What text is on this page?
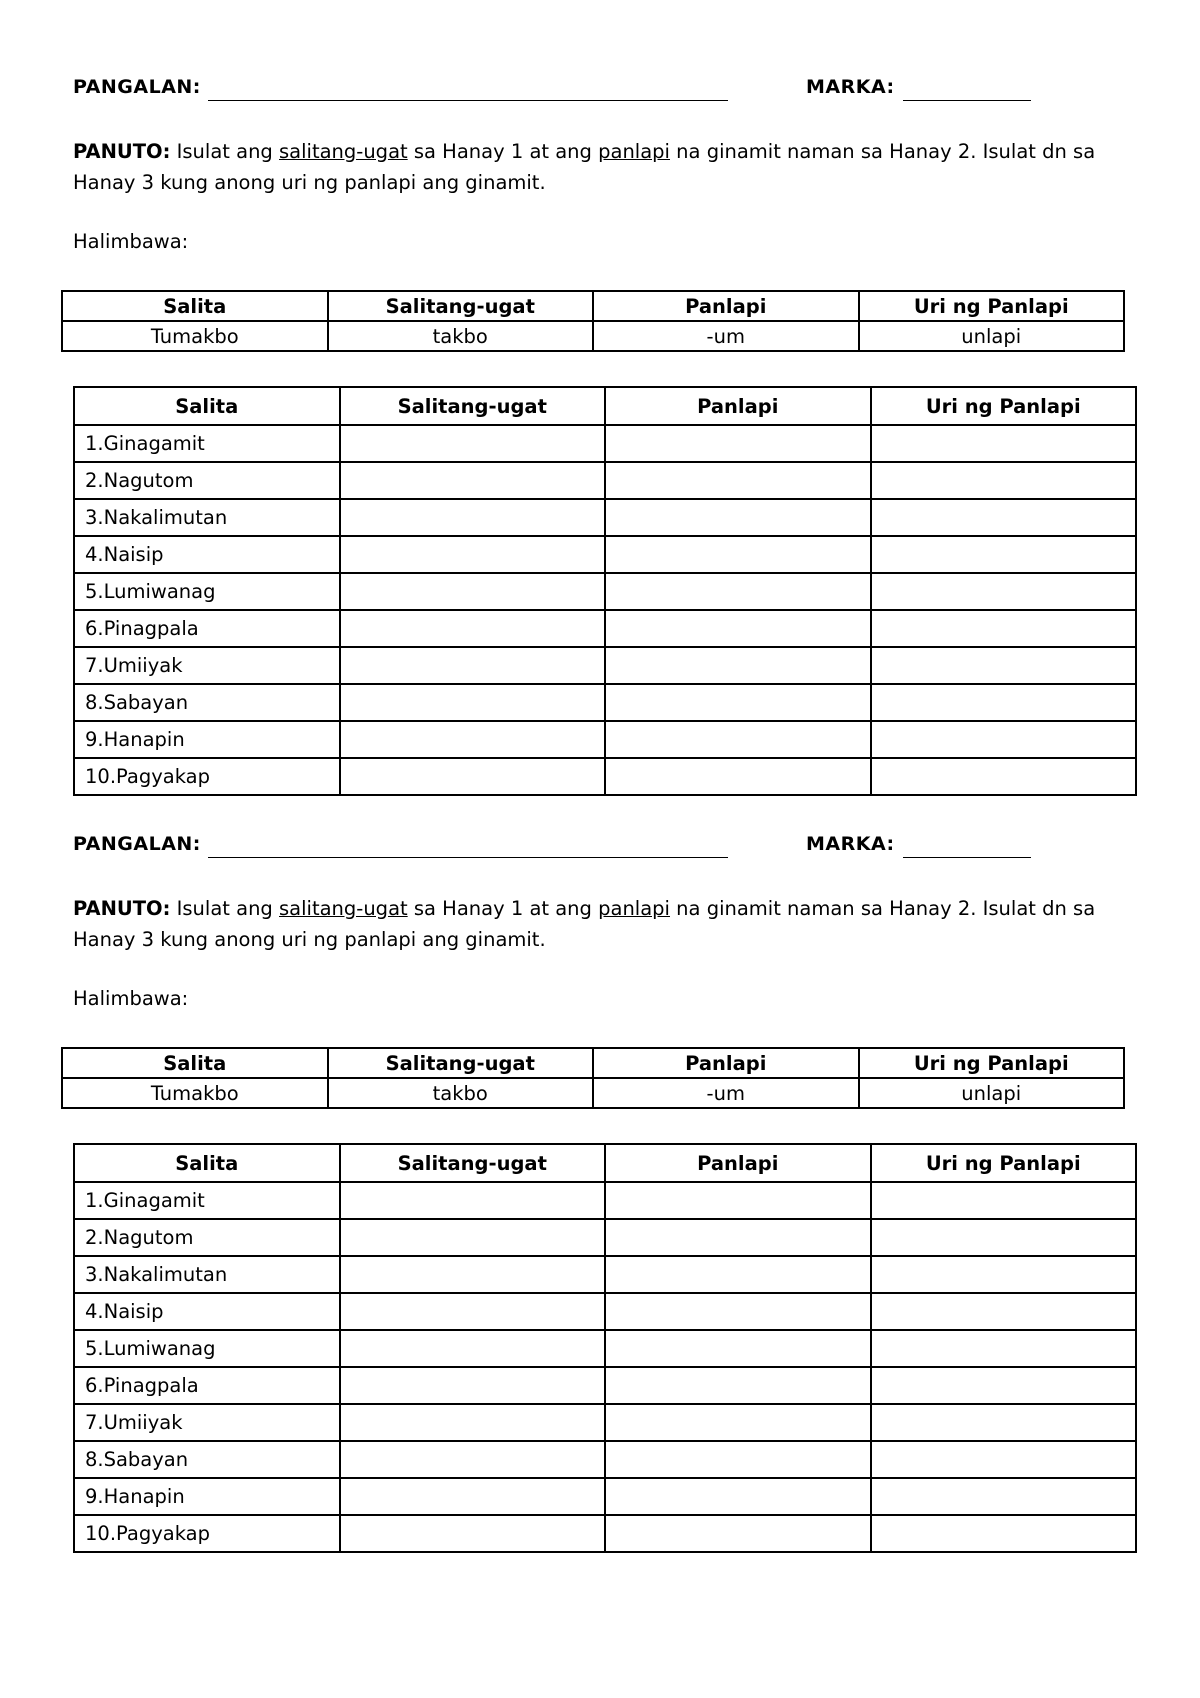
PANGALAN:	MARKA:
PANUTO: Isulat ang salitang-ugat sa Hanay 1 at ang panlapi na ginamit naman sa Hanay 2. Isulat dn sa Hanay 3 kung anong uri ng panlapi ang ginamit.
Halimbawa:
Salita	Salitang-ugat	Panlapi	Uri ng Panlapi
Tumakbo	takbo	-um	unlapi
Salita	Salitang-ugat	Panlapi	Uri ng Panlapi
1.Ginagamit			
2.Nagutom			
3.Nakalimutan			
4.Naisip			
5.Lumiwanag			
6.Pinagpala			
7.Umiiyak			
8.Sabayan			
9.Hanapin			
10.Pagyakap			
PANGALAN:	MARKA:
PANUTO: Isulat ang salitang-ugat sa Hanay 1 at ang panlapi na ginamit naman sa Hanay 2. Isulat dn sa Hanay 3 kung anong uri ng panlapi ang ginamit.
Halimbawa:
Salita	Salitang-ugat	Panlapi	Uri ng Panlapi
Tumakbo	takbo	-um	unlapi
Salita	Salitang-ugat	Panlapi	Uri ng Panlapi
1.Ginagamit			
2.Nagutom			
3.Nakalimutan			
4.Naisip			
5.Lumiwanag			
6.Pinagpala			
7.Umiiyak			
8.Sabayan			
9.Hanapin			
10.Pagyakap			
